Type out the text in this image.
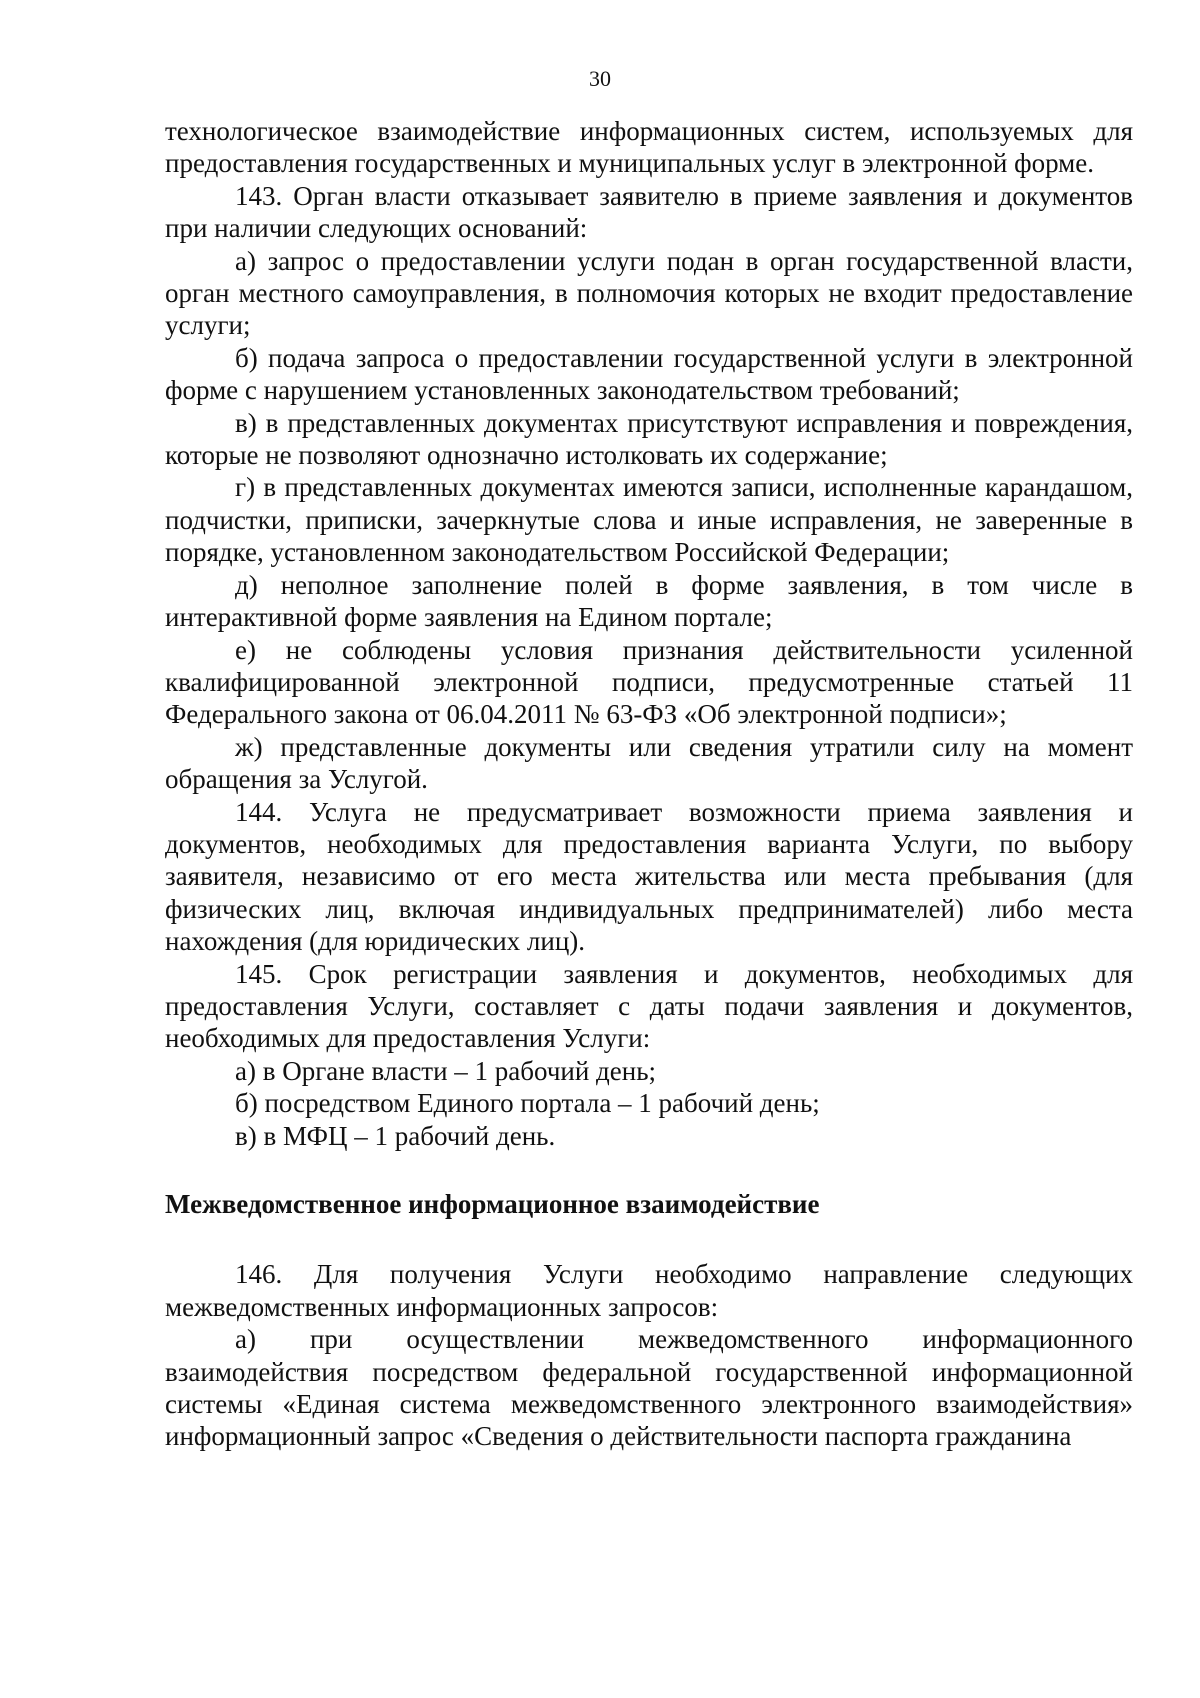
30

технологическое взаимодействие информационных систем, используемых для предоставления государственных и муниципальных услуг в электронной форме.

143. Орган власти отказывает заявителю в приеме заявления и документов при наличии следующих оснований:

а) запрос о предоставлении услуги подан в орган государственной власти, орган местного самоуправления, в полномочия которых не входит предоставление услуги;

б) подача запроса о предоставлении государственной услуги в электронной форме с нарушением установленных законодательством требований;

в) в представленных документах присутствуют исправления и повреждения, которые не позволяют однозначно истолковать их содержание;

г) в представленных документах имеются записи, исполненные карандашом, подчистки, приписки, зачеркнутые слова и иные исправления, не заверенные в порядке, установленном законодательством Российской Федерации;

д) неполное заполнение полей в форме заявления, в том числе в интерактивной форме заявления на Едином портале;

е) не соблюдены условия признания действительности усиленной квалифицированной электронной подписи, предусмотренные статьей 11 Федерального закона от 06.04.2011 № 63-ФЗ «Об электронной подписи»;

ж) представленные документы или сведения утратили силу на момент обращения за Услугой.

144. Услуга не предусматривает возможности приема заявления и документов, необходимых для предоставления варианта Услуги, по выбору заявителя, независимо от его места жительства или места пребывания (для физических лиц, включая индивидуальных предпринимателей) либо места нахождения (для юридических лиц).

145. Срок регистрации заявления и документов, необходимых для предоставления Услуги, составляет с даты подачи заявления и документов, необходимых для предоставления Услуги:

а) в Органе власти – 1 рабочий день;

б) посредством Единого портала – 1 рабочий день;

в) в МФЦ – 1 рабочий день.

Межведомственное информационное взаимодействие

146. Для получения Услуги необходимо направление следующих межведомственных информационных запросов:

а) при осуществлении межведомственного информационного взаимодействия посредством федеральной государственной информационной системы «Единая система межведомственного электронного взаимодействия» информационный запрос «Сведения о действительности паспорта гражданина
